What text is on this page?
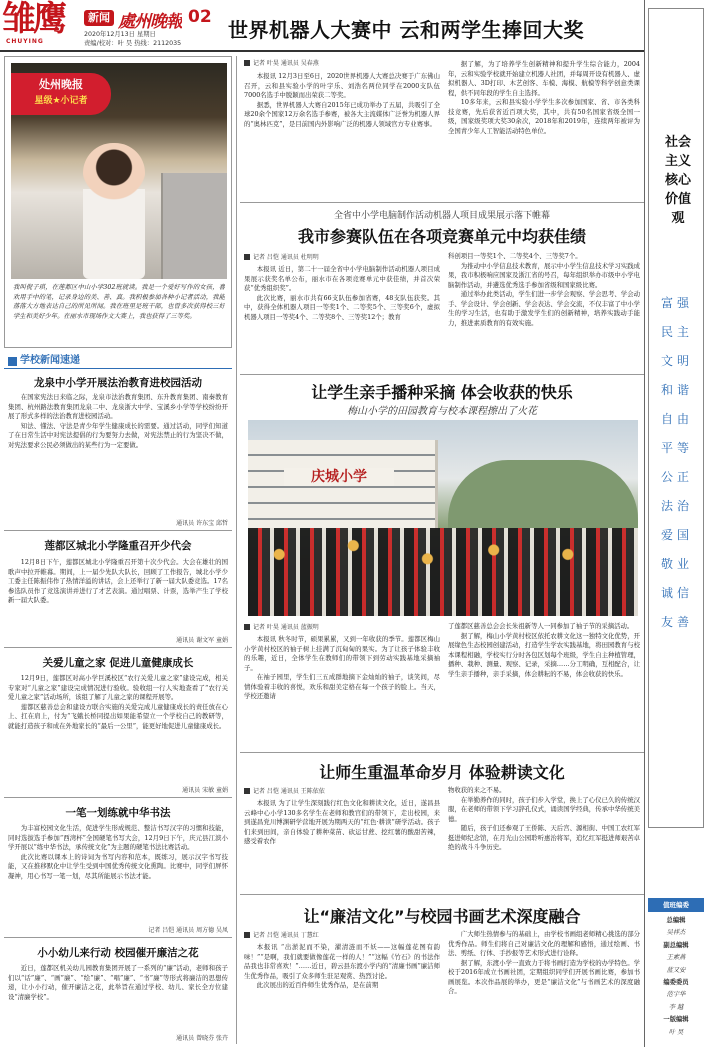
雏鹰
CHUYING
新闻 處州晚報 02
2020年12月13日 星期日
责编/校对：叶 昊 热线：2112035
世界机器人大赛中 云和两学生捧回大奖
处州晚报
星级★小记者
我叫倪子琪，在莲都区中山小学302班就读。我是一个爱好写作的女孩，喜欢用手中的笔，记录身边的美、善、真。我积极参加各种小记者活动，我能落落大方地表达自己的所见所闻。我在班里是班干部，也曾多次获得校三好学生和美好少年。在丽水市现场作文大赛上，我也获得了三等奖。
学校新闻速递
龙泉中小学开展法治教育进校园活动

在国家宪法日来临之际，龙泉市法治教育集团、东升教育集团、南秦教育集团、杭州路法教育集团龙泉二中、龙泉浙大中学、宝溪乡小学等学校纷纷开展了形式多样的法治教育进校园活动。

知法、懂法、守法是青少年学生健康成长的需要。通过活动，同学们知道了在日常生活中对宪法提倡的行为要努力去做，对宪法禁止的行为坚决不做，对宪法要求公民必须做出的某些行为一定要做。

通讯员 许东宝 邱哲
莲都区城北小学隆重召开少代会

12月8日下午，莲都区城北小学隆重召开第十次少代会。大会在雄壮的国歌声中拉开帷幕。期间，上一届少先队大队长，回顾了工作报告，城北小学少工委主任陈振伟作了热情洋溢的讲话，会上还举行了新一届大队委竞选。17名参选队员作了竞选演讲并进行了才艺表演。通过唱票、计票，选举产生了学校新一届大队委。

通讯员 谢文军 童娟
关爱儿童之家 促进儿童健康成长

12月9日，莲都区对高小学巨溪校区“农行关爱儿童之家”建设完成，相关专家对“儿童之家”建设完成情况进行验收。验收组一行人实地查看了“农行关爱儿童之家”活动场所，该组了解了儿童之家的课程开展等。

莲都区慈善总会和建设方联合实施的关爱完成儿童健康成长的责任放在心上、扛在肩上，付为“飞蛾长桥同提出如果能希望立一个学校自己的教研等，就能打造孩子和成在外地家长的“最后一公里”，能更好地促进儿童健康成长。

通讯员 宋敏 童娟
一笔一划练就中华书法

为丰富校园文化生活，促进学生形成规范、整洁书写汉字的习惯和技能，同时选拔选手参加“西湾杯”全国硬笔书写大会，12月9日下午，庆元县江滨小学开展以“练中华书法，承传统文化”为主题的硬笔书法比赛活动。

此次比赛以课本上的诗词为书写内容和范本，既练习，展示汉字书写技能，又在推移默化中让学生受到中国优秀传统文化熏陶。比赛中，同学们屏怀凝神，用心书写一笔一划，尽其所能展示书法才能。

记者 吕恺 通讯员 周方德 吴凤
小小幼儿来行动 校园催开廉洁之花

近日，莲都区机关幼儿园教育集团开展了一系列的“廉”活动，老师和孩子们以“话”廉”、“画”廉”、“绘”廉”、“唱”廉”、“书”廉”等形式将廉洁的思想传递，让小小行动，催开廉洁之花，此举旨在通过学校、幼儿、家长全方位建设“清廉学校”。

通讯员 曾晓芬 张卉
记者 叶昊 通讯员 吴春燕

本报讯 12月3日至6日，2020世界机器人大赛总决赛于广东佛山召开，云和县实验小学的叶宇乐、刘浩名两位同学在2000支队伍7000名选手中脱颖而出荣获二等奖。

据悉，世界机器人大赛自2015年已成功举办了五届，共吸引了全球20余个国家12万余名选手参赛，被各大主流媒体广泛誉为机器人界的“奥林匹克”，是目前国内外影响广泛的机器人领域官方专业赛事。

据了解，为了培养学生创新精神和提升学生综合能力，2004年，云和实验学校就开始建立机器人社团，并每周开设有机器人、虚拟机器人、3D打印、木艺创客、车模、海模、航模等科学创意类课程，供不同年段的学生自主选择。

10多年来，云和县实验小学学生多次参加国家、省、市各类科技竞赛，先后获省近百项大奖，其中，共有50名国家省级全国一级，国家级奖项大奖30余次，2018年和2019年，连续两年被评为全国青少年人工智能活动特色单位。

全省中小学电脑制作活动机器人项目成果展示落下帷幕
我市参赛队伍在各项竞赛单元中均获佳绩
记者 吕恺 通讯员 杜明明

本报讯 近日，第二十一届全省中小学电脑制作活动机器人项目成果展示获奖名单公布，丽水市在各项竞赛单元中获佳绩，并首次荣获“优秀组织奖”。

此次比赛，丽水市共有66支队伍参加省赛，48支队伍获奖。其中，获得全体机器人项目一等奖1个、二等奖5个、三等奖6个，虚拟机器人项目一等奖4个、二等奖8个、三等奖12个；教育

科创项目一等奖1个、二等奖4个、三等奖7个。

为推动中小学信息技术教育，展示中小学生信息技术学习实践成果，我市积极响应国家及浙江省的号召，每年组织举办市级中小学电脑制作活动，并遴选优秀选手参加省级和国家级比赛。

通过举办此类活动，学生们进一步学会观察、学会思考、学会动手、学会设计、学会创新、学会表达、学会交流，不仅丰富了中小学生的学习生活，也有助于激发学生们的创新精神，培养实践动手能力，推进素质教育的有效实施。

让学生亲手播种采摘 体会收获的快乐
梅山小学的田园教育与校本课程擦出了火花
庆城小学
记者 叶昊 通讯员 蓝振明

本报讯 秋冬时节，硕果累累，又到一年收获的季节。莲都区梅山小学黄村校区的袖子树上挂满了沉甸甸的果实。为了让孩子体验丰收的乐趣，近日，全体学生在教师们的带领下到劳动实践基地采摘袖子。

在袖子园里，学生们三五成群地摘下金灿灿的袖子，谈笑间，尽情体验着丰收的喜悦，欢乐和甜美定格在每一个孩子的脸上。当天，学校还邀请

了莲都区慈善总会会长朱祖新等人一同参加了袖子节的采摘活动。

据了解，梅山小学黄村校区依托农耕文化这一独特文化优势，开展缘色生态校园创建活动，打造学生学农实践基地，将田园教育与校本课程相融，学校实行分时各包区划每个班级，学生自主种植管理，播种、栽种、测量、观察、记录，采摘……分工明确，互相配合，让学生亲手播种，亲手采摘，体会耕耘的不易，体会收获的快乐。

让师生重温革命岁月 体验耕读文化
记者 吕恺 通讯员 王陈依依

本报讯 为了让学生深刻践行红色文化和耕读文化，近日，遂昌县云峰中心小学130多名学生在老师和教官们的带领下，走出校园，来到遂昌党川博渊研学营地开展为期两天的“红色·耕读”研学活动。孩子们来到田间，亲自体验了耕种菜苗、砍运甘蔗、挖红薯的酸甜苦辣，感受着农作

物收获的来之不易。

在举勤养作的同时，孩子们步入学堂，换上了心仪已久的传统汉服，在老师的带领下学习辞孔仪式，诵读国学经典，传承中华传统美德。

随后，孩子们还参观了王侨陈、天后宫、源相街、中国工农红军挺进师纪念馆，在月光山公园聆听惠治将军，追忆红军挺进师艰苦卓绝的战斗斗争历史。

让“廉洁文化”与校园书画艺术深度融合
记者 吕恺 通讯员 丁慧红

本报讯 “出淤泥而不染，濯清涟而不妖——这幅莲花图有韵味！”“是啊，我们就要做像莲花一样的人！”“这幅《竹石》的书法作品我也非常喜欢！”……近日，碧云县东渡小学内的“清廉书画”廉洁师生优秀作品，吸引了众多师生驻足观赏、热烈讨论。

此次展出的近百件师生优秀作品，是在前期

广大师生热情参与的基础上，由学校书画组老师精心挑选的部分优秀作品。师生们将自己对廉洁文化的理解和感悟，通过绘画、书法、剪纸、行体、手抄报等艺术形式进行诠释。

据了解，东渡小学一直致力于将书画打造为学校的办学特色。学校于2016年成立书画社团，定期组织同学们开展书画比赛，参加书画展览。本次作品展的举办，更是“廉洁文化”与书画艺术的深度融合。

社会主义核心价值观
富强
民主
文明
和谐
自由
平等
公正
法治
爱国
敬业
诚信
友善
值班编委
总编辑
吴祥杰
副总编辑
王素燕
蓝又安
编委委员
范宇华
李 越
一版编辑
叶 昊
